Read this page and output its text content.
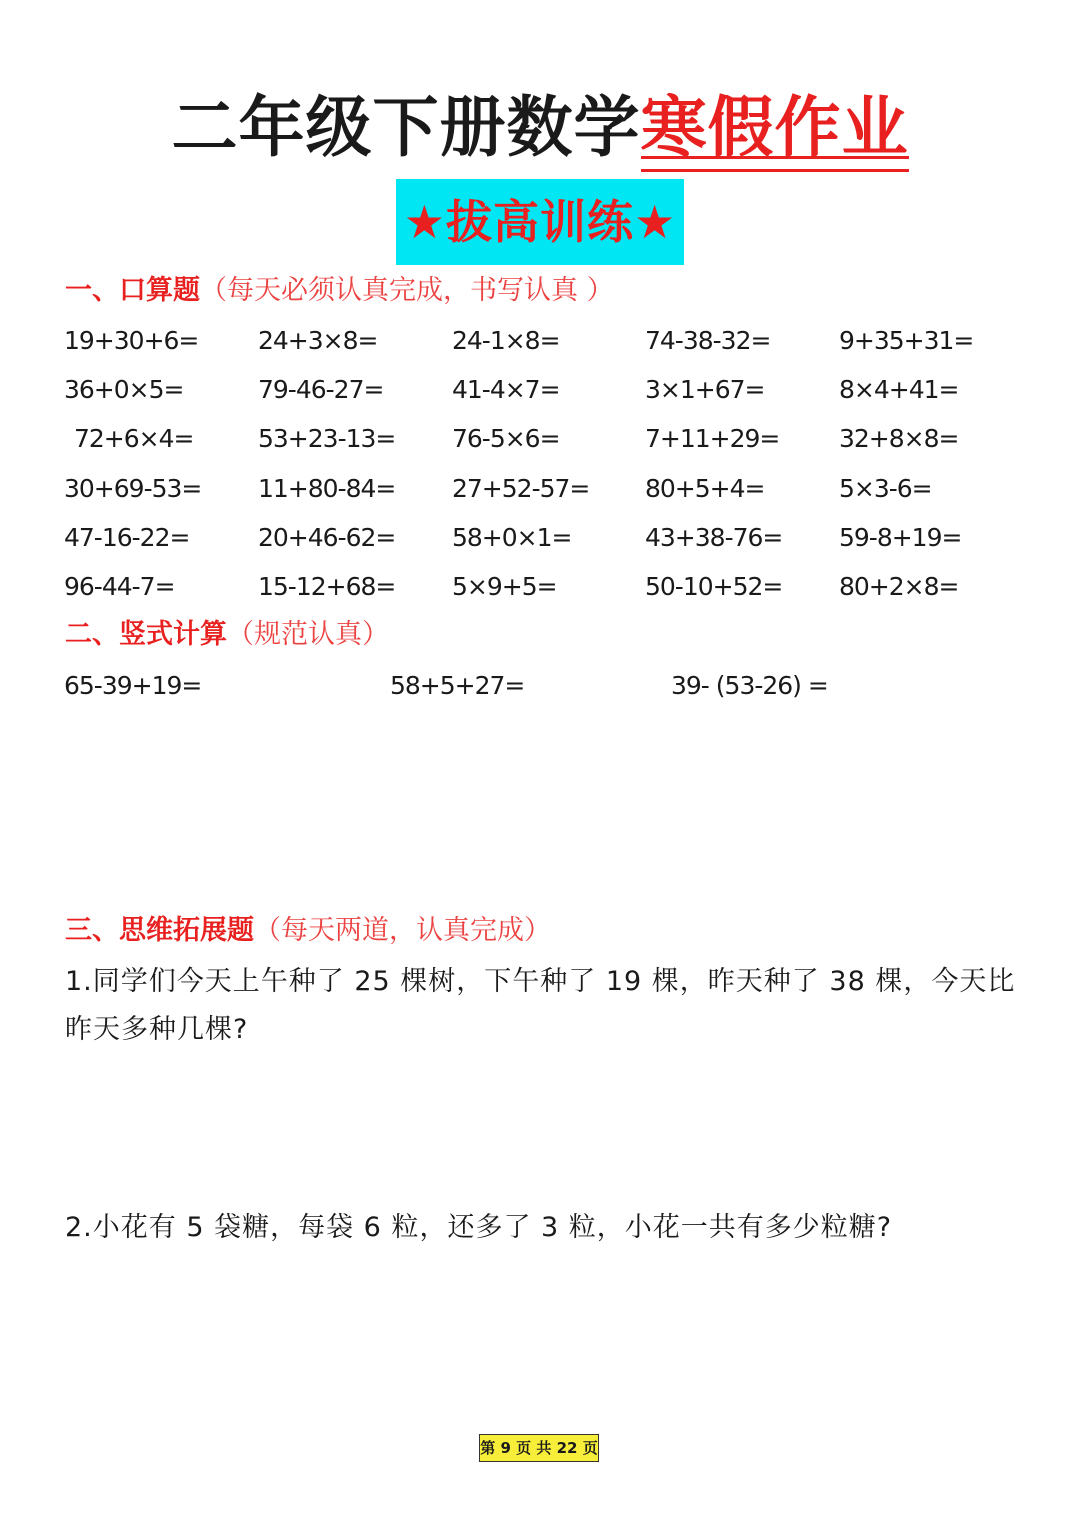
二年级下册数学寒假作业
★拔高训练★
一、口算题（每天必须认真完成，书写认真 ）
19+30+6= 24+3×8=	24-1×8=	74-38-32=	9+35+31=
36+0×5=	79-46-27=	41-4×7=	3×1+67=	8×4+41=
72+6×4=	53+23-13= 76-5×6=	7+11+29= 32+8×8=
30+69-53= 11+80-84= 27+52-57= 80+5+4=	5×3-6=
47-16-22=	20+46-62= 58+0×1=	43+38-76= 59-8+19=
96-44-7=	15-12+68= 5×9+5=	50-10+52= 80+2×8=
二、竖式计算（规范认真）
65-39+19=	58+5+27=	39- (53-26) =
三、思维拓展题（每天两道，认真完成）
1.同学们今天上午种了 25 棵树，下午种了 19 棵，昨天种了 38 棵，今天比昨天多种几棵?
2.小花有 5 袋糖，每袋 6 粒，还多了 3 粒，小花一共有多少粒糖?
第 9 页 共 22 页
